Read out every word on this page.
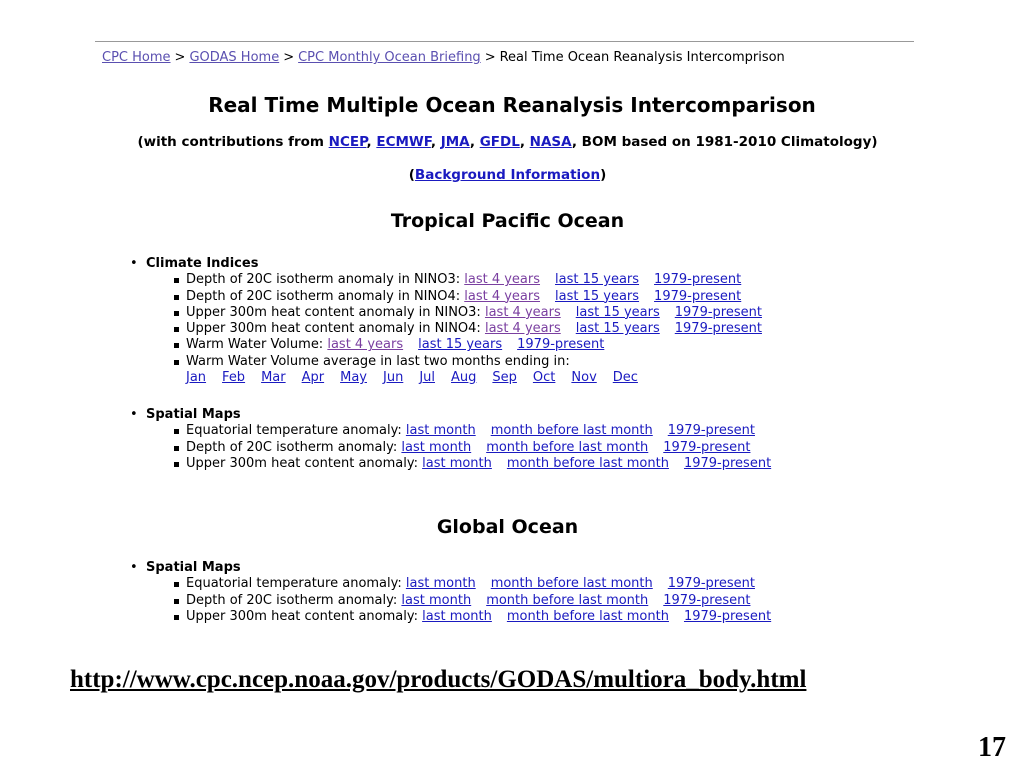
CPC Home > GODAS Home > CPC Monthly Ocean Briefing > Real Time Ocean Reanalysis Intercomprison
Real Time Multiple Ocean Reanalysis Intercomparison
(with contributions from NCEP, ECMWF, JMA, GFDL, NASA, BOM based on 1981-2010 Climatology)
(Background Information)
Tropical Pacific Ocean
• Climate Indices
Depth of 20C isotherm anomaly in NINO3: last 4 years last 15 years 1979-present
Depth of 20C isotherm anomaly in NINO4: last 4 years last 15 years 1979-present
Upper 300m heat content anomaly in NINO3: last 4 years last 15 years 1979-present
Upper 300m heat content anomaly in NINO4: last 4 years last 15 years 1979-present
Warm Water Volume: last 4 years last 15 years 1979-present
Warm Water Volume average in last two months ending in:
Jan Feb Mar Apr May Jun Jul Aug Sep Oct Nov Dec
• Spatial Maps
Equatorial temperature anomaly: last month month before last month 1979-present
Depth of 20C isotherm anomaly: last month month before last month 1979-present
Upper 300m heat content anomaly: last month month before last month 1979-present
Global Ocean
• Spatial Maps
Equatorial temperature anomaly: last month month before last month 1979-present
Depth of 20C isotherm anomaly: last month month before last month 1979-present
Upper 300m heat content anomaly: last month month before last month 1979-present
http://www.cpc.ncep.noaa.gov/products/GODAS/multiora_body.html
17
